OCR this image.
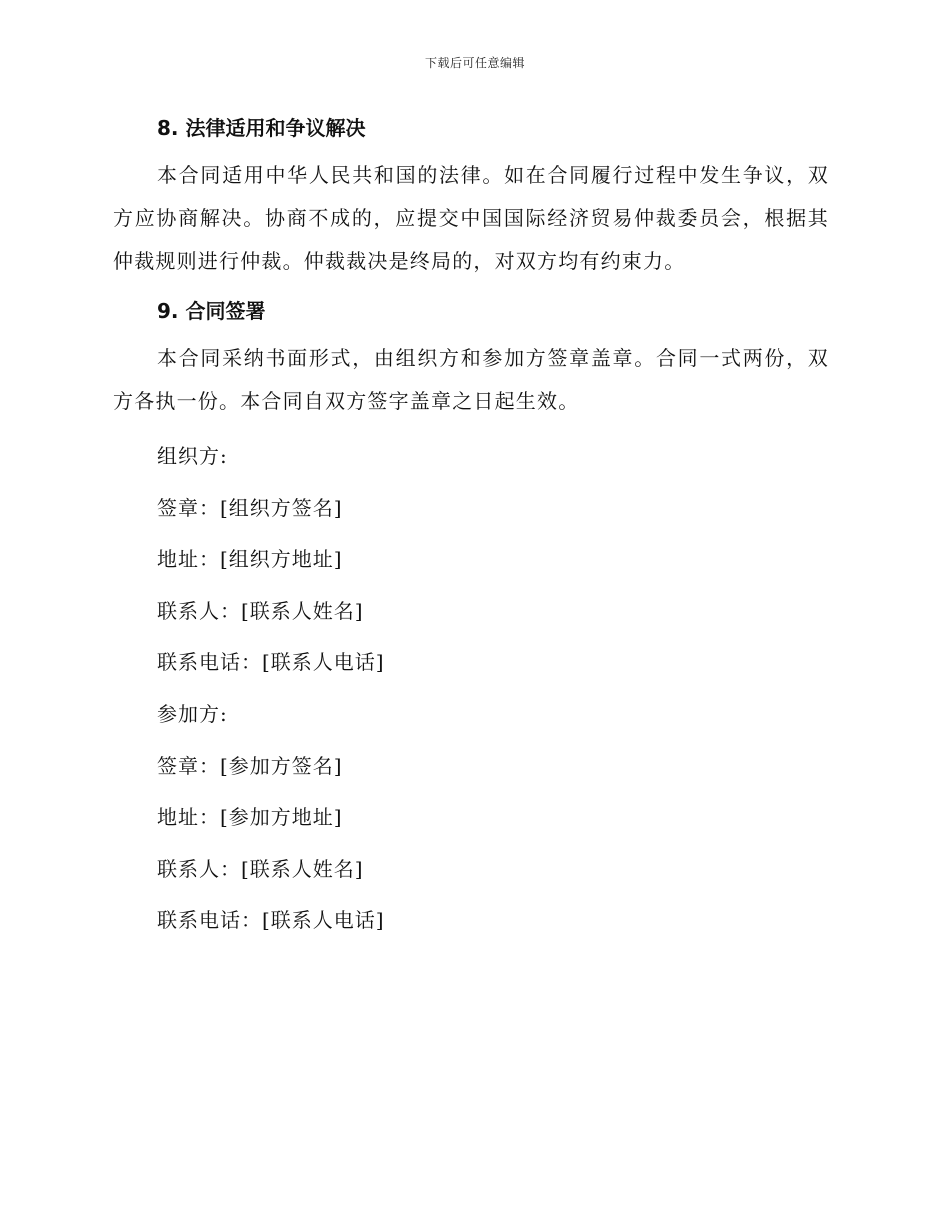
下载后可任意编辑
8. 法律适用和争议解决
本合同适用中华人民共和国的法律。如在合同履行过程中发生争议，双方应协商解决。协商不成的，应提交中国国际经济贸易仲裁委员会，根据其仲裁规则进行仲裁。仲裁裁决是终局的，对双方均有约束力。
9. 合同签署
本合同采纳书面形式，由组织方和参加方签章盖章。合同一式两份，双方各执一份。本合同自双方签字盖章之日起生效。
组织方:
签章：[组织方签名]
地址：[组织方地址]
联系人：[联系人姓名]
联系电话：[联系人电话]
参加方:
签章：[参加方签名]
地址：[参加方地址]
联系人：[联系人姓名]
联系电话：[联系人电话]
